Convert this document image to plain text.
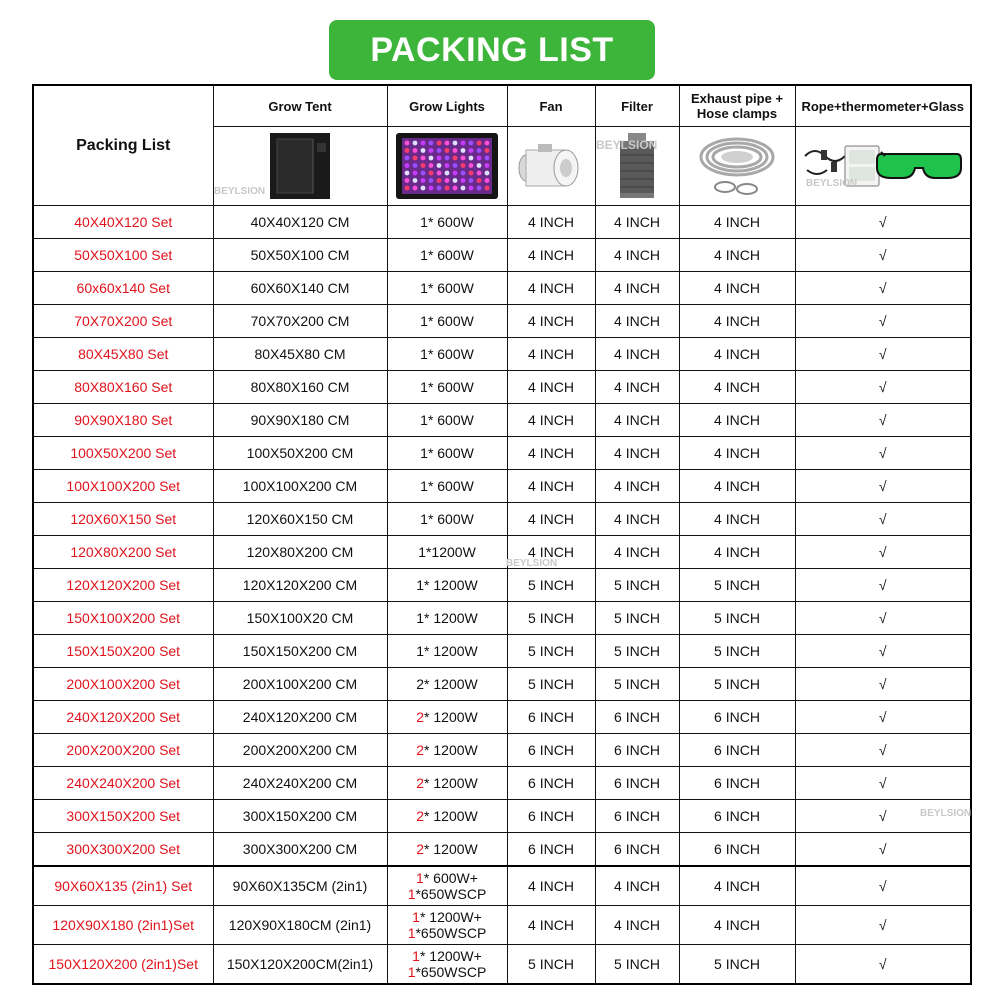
PACKING LIST
Packing List	Grow Tent	Grow Lights	Fan	Filter	Exhaust pipe + Hose clamps	Rope+thermometer+Glass

40X40X120 Set	40X40X120 CM	1* 600W	4 INCH	4 INCH	4 INCH	√
50X50X100 Set	50X50X100 CM	1* 600W	4 INCH	4 INCH	4 INCH	√
60x60x140 Set	60X60X140 CM	1* 600W	4 INCH	4 INCH	4 INCH	√
70X70X200 Set	70X70X200 CM	1* 600W	4 INCH	4 INCH	4 INCH	√
80X45X80 Set	80X45X80 CM	1* 600W	4 INCH	4 INCH	4 INCH	√
80X80X160 Set	80X80X160 CM	1* 600W	4 INCH	4 INCH	4 INCH	√
90X90X180 Set	90X90X180 CM	1* 600W	4 INCH	4 INCH	4 INCH	√
100X50X200 Set	100X50X200 CM	1* 600W	4 INCH	4 INCH	4 INCH	√
100X100X200 Set	100X100X200 CM	1* 600W	4 INCH	4 INCH	4 INCH	√
120X60X150 Set	120X60X150 CM	1* 600W	4 INCH	4 INCH	4 INCH	√
120X80X200 Set	120X80X200 CM	1*1200W	4 INCH	4 INCH	4 INCH	√
120X120X200 Set	120X120X200 CM	1* 1200W	5 INCH	5 INCH	5 INCH	√
150X100X200 Set	150X100X20 CM	1* 1200W	5 INCH	5 INCH	5 INCH	√
150X150X200 Set	150X150X200 CM	1* 1200W	5 INCH	5 INCH	5 INCH	√
200X100X200 Set	200X100X200 CM	2* 1200W	5 INCH	5 INCH	5 INCH	√
240X120X200 Set	240X120X200 CM	2* 1200W	6 INCH	6 INCH	6 INCH	√
200X200X200 Set	200X200X200 CM	2* 1200W	6 INCH	6 INCH	6 INCH	√
240X240X200 Set	240X240X200 CM	2* 1200W	6 INCH	6 INCH	6 INCH	√
300X150X200 Set	300X150X200 CM	2* 1200W	6 INCH	6 INCH	6 INCH	√
300X300X200 Set	300X300X200 CM	2* 1200W	6 INCH	6 INCH	6 INCH	√
90X60X135 (2in1) Set	90X60X135CM (2in1)	1* 600W+
1*650WSCP	4 INCH	4 INCH	4 INCH	√
120X90X180 (2in1)Set	120X90X180CM (2in1)	1* 1200W+
1*650WSCP	4 INCH	4 INCH	4 INCH	√
150X120X200 (2in1)Set	150X120X200CM(2in1)	1* 1200W+
1*650WSCP	5 INCH	5 INCH	5 INCH	√
BEYLSION
BEYLSION
BEYLSION
BEYLSION
BEYLSION
